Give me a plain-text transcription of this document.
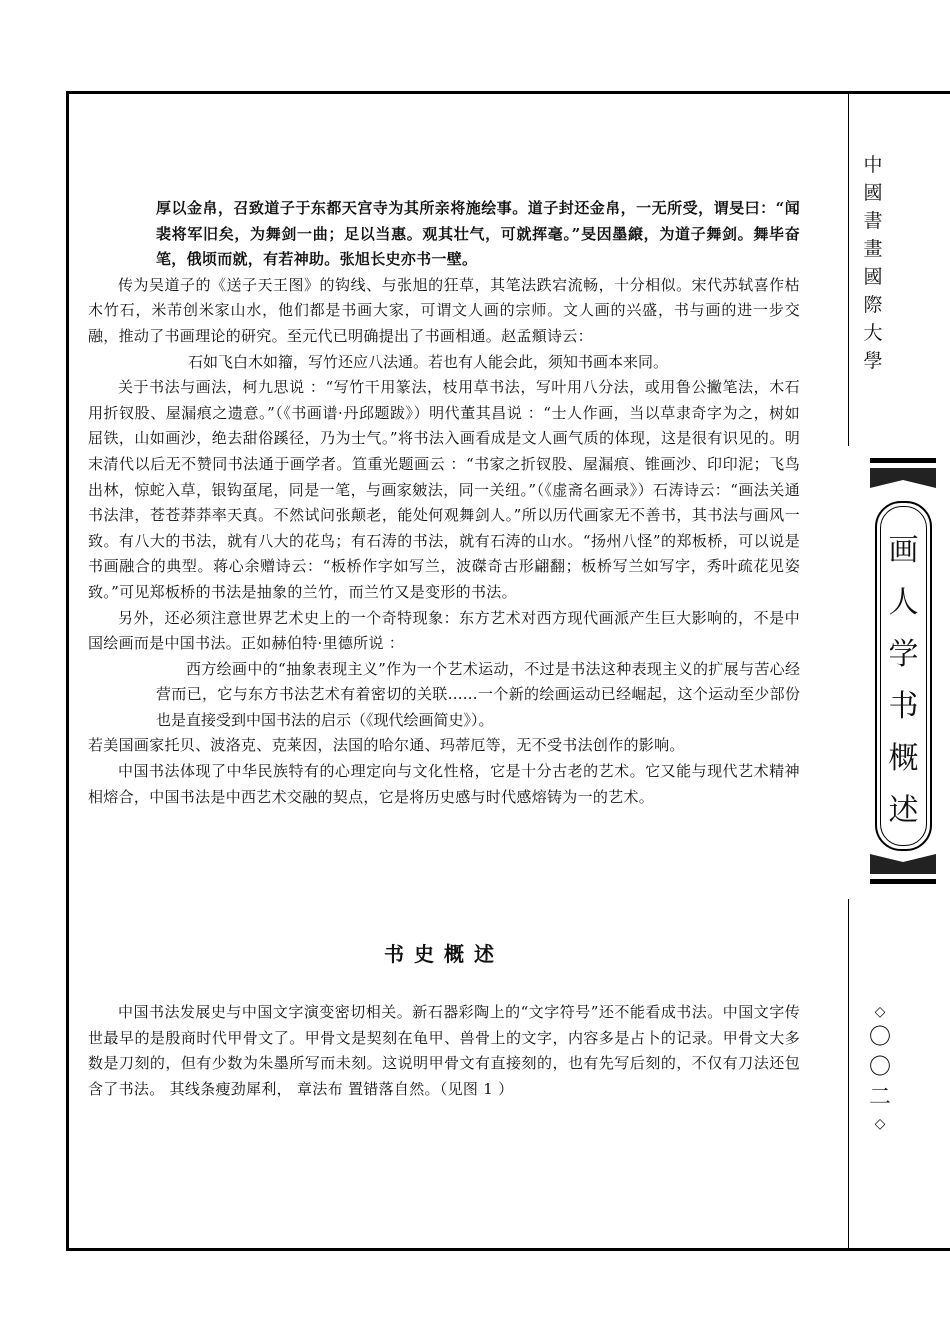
厚以金帛，召致道子于东都天宫寺为其所亲将施绘事。道子封还金帛，一无所受，谓旻曰：“闻裴将军旧矣，为舞剑一曲；足以当惠。观其壮气，可就挥毫。”旻因墨縗，为道子舞剑。舞毕奋笔，俄顷而就，有若神助。张旭长史亦书一壁。

传为吴道子的《送子天王图》的钩线、与张旭的狂草，其笔法跌宕流畅，十分相似。宋代苏轼喜作枯木竹石，米芾创米家山水，他们都是书画大家，可谓文人画的宗师。文人画的兴盛，书与画的进一步交融，推动了书画理论的研究。至元代已明确提出了书画相通。赵孟頫诗云：

石如飞白木如籀，写竹还应八法通。若也有人能会此，须知书画本来同。

关于书法与画法，柯九思说 ：“写竹干用篆法，枝用草书法，写叶用八分法，或用鲁公撇笔法，木石用折钗股、屋漏痕之遗意。”（《书画谱·丹邱题跋》）明代董其昌说 ：“士人作画，当以草隶奇字为之，树如屈铁，山如画沙，绝去甜俗蹊径，乃为士气。”将书法入画看成是文人画气质的体现，这是很有识见的。明末清代以后无不赞同书法通于画学者。笪重光题画云 ：“书家之折钗股、屋漏痕、锥画沙、印印泥；飞鸟出林，惊蛇入草，银钩虿尾，同是一笔，与画家皴法，同一关纽。”（《虚斋名画录》）石涛诗云：“画法关通书法津，苍苍莽莽率天真。不然试问张颠老，能处何观舞剑人。”所以历代画家无不善书，其书法与画风一致。有八大的书法，就有八大的花鸟；有石涛的书法，就有石涛的山水。“扬州八怪”的郑板桥，可以说是书画融合的典型。蒋心余赠诗云：“板桥作字如写兰，波磔奇古形翩翻；板桥写兰如写字，秀叶疏花见姿致。”可见郑板桥的书法是抽象的兰竹，而兰竹又是变形的书法。

另外，还必须注意世界艺术史上的一个奇特现象：东方艺术对西方现代画派产生巨大影响的，不是中国绘画而是中国书法。正如赫伯特·里德所说 ：

西方绘画中的“抽象表现主义”作为一个艺术运动，不过是书法这种表现主义的扩展与苦心经营而已，它与东方书法艺术有着密切的关联……一个新的绘画运动已经崛起，这个运动至少部份也是直接受到中国书法的启示（《现代绘画简史》）。

若美国画家托贝、波洛克、克莱因，法国的哈尔通、玛蒂厄等，无不受书法创作的影响。

中国书法体现了中华民族特有的心理定向与文化性格，它是十分古老的艺术。它又能与现代艺术精神相熔合，中国书法是中西艺术交融的契点，它是将历史感与时代感熔铸为一的艺术。

书史概述

中国书法发展史与中国文字演变密切相关。新石器彩陶上的“文字符号”还不能看成书法。中国文字传世最早的是殷商时代甲骨文了。甲骨文是契刻在龟甲、兽骨上的文字，内容多是占卜的记录。甲骨文大多数是刀刻的，但有少数为朱墨所写而未刻。这说明甲骨文有直接刻的，也有先写后刻的，不仅有刀法还包含了书法。 其线条瘦劲犀利， 章法布 置错落自然。（见图 1 ）

中
國
書
畫
國
際
大
學
画
人
学
书
概
述
◇
〇
〇
二
◇
